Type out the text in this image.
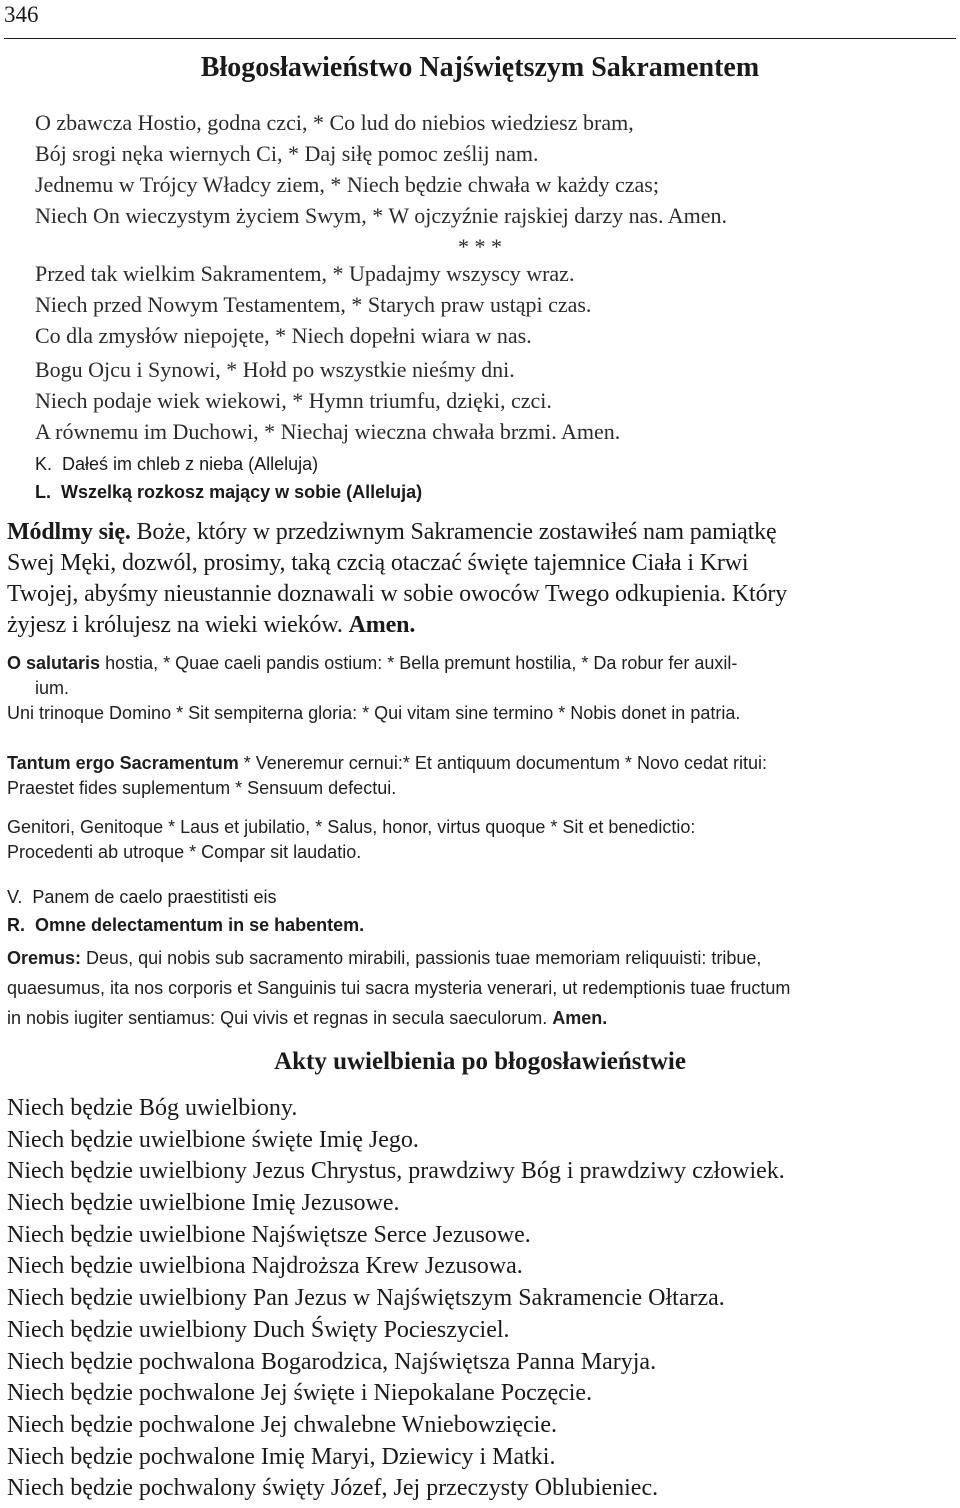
346
Błogosławieństwo Najświętszym Sakramentem
O zbawcza Hostio, godna czci, * Co lud do niebios wiedziesz bram,
Bój srogi nęka wiernych Ci, * Daj siłę pomoc ześlij nam.
Jednemu w Trójcy Władcy ziem, * Niech będzie chwała w każdy czas;
Niech On wieczystym życiem Swym, * W ojczyźnie rajskiej darzy nas. Amen.
* * *
Przed tak wielkim Sakramentem, * Upadajmy wszyscy wraz.
Niech przed Nowym Testamentem, * Starych praw ustąpi czas.
Co dla zmysłów niepojęte, * Niech dopełni wiara w nas.
Bogu Ojcu i Synowi, * Hołd po wszystkie nieśmy dni.
Niech podaje wiek wiekowi, * Hymn triumfu, dzięki, czci.
A równemu im Duchowi, * Niechaj wieczna chwała brzmi. Amen.
K. Dałeś im chleb z nieba (Alleluja)
L. Wszelką rozkosz mający w sobie (Alleluja)
Módlmy się. Boże, który w przedziwnym Sakramencie zostawiłeś nam pamiątkę
Swej Męki, dozwól, prosimy, taką czcią otaczać święte tajemnice Ciała i Krwi
Twojej, abyśmy nieustannie doznawali w sobie owoców Twego odkupienia. Który
żyjesz i królujesz na wieki wieków. Amen.
O salutaris hostia, * Quae caeli pandis ostium: * Bella premunt hostilia, * Da robur fer auxil-
ium.
Uni trinoque Domino * Sit sempiterna gloria: * Qui vitam sine termino * Nobis donet in patria.
Tantum ergo Sacramentum * Veneremur cernui:* Et antiquum documentum * Novo cedat ritui:
Praestet fides suplementum * Sensuum defectui.
Genitori, Genitoque * Laus et jubilatio, * Salus, honor, virtus quoque * Sit et benedictio:
Procedenti ab utroque * Compar sit laudatio.
V. Panem de caelo praestitisti eis
R. Omne delectamentum in se habentem.
Oremus: Deus, qui nobis sub sacramento mirabili, passionis tuae memoriam reliquuisti: tribue,
quaesumus, ita nos corporis et Sanguinis tui sacra mysteria venerari, ut redemptionis tuae fructum
in nobis iugiter sentiamus: Qui vivis et regnas in secula saeculorum. Amen.
Akty uwielbienia po błogosławieństwie
Niech będzie Bóg uwielbiony.
Niech będzie uwielbione święte Imię Jego.
Niech będzie uwielbiony Jezus Chrystus, prawdziwy Bóg i prawdziwy człowiek.
Niech będzie uwielbione Imię Jezusowe.
Niech będzie uwielbione Najświętsze Serce Jezusowe.
Niech będzie uwielbiona Najdroższa Krew Jezusowa.
Niech będzie uwielbiony Pan Jezus w Najświętszym Sakramencie Ołtarza.
Niech będzie uwielbiony Duch Święty Pocieszyciel.
Niech będzie pochwalona Bogarodzica, Najświętsza Panna Maryja.
Niech będzie pochwalone Jej święte i Niepokalane Poczęcie.
Niech będzie pochwalone Jej chwalebne Wniebowzięcie.
Niech będzie pochwalone Imię Maryi, Dziewicy i Matki.
Niech będzie pochwalony święty Józef, Jej przeczysty Oblubieniec.
